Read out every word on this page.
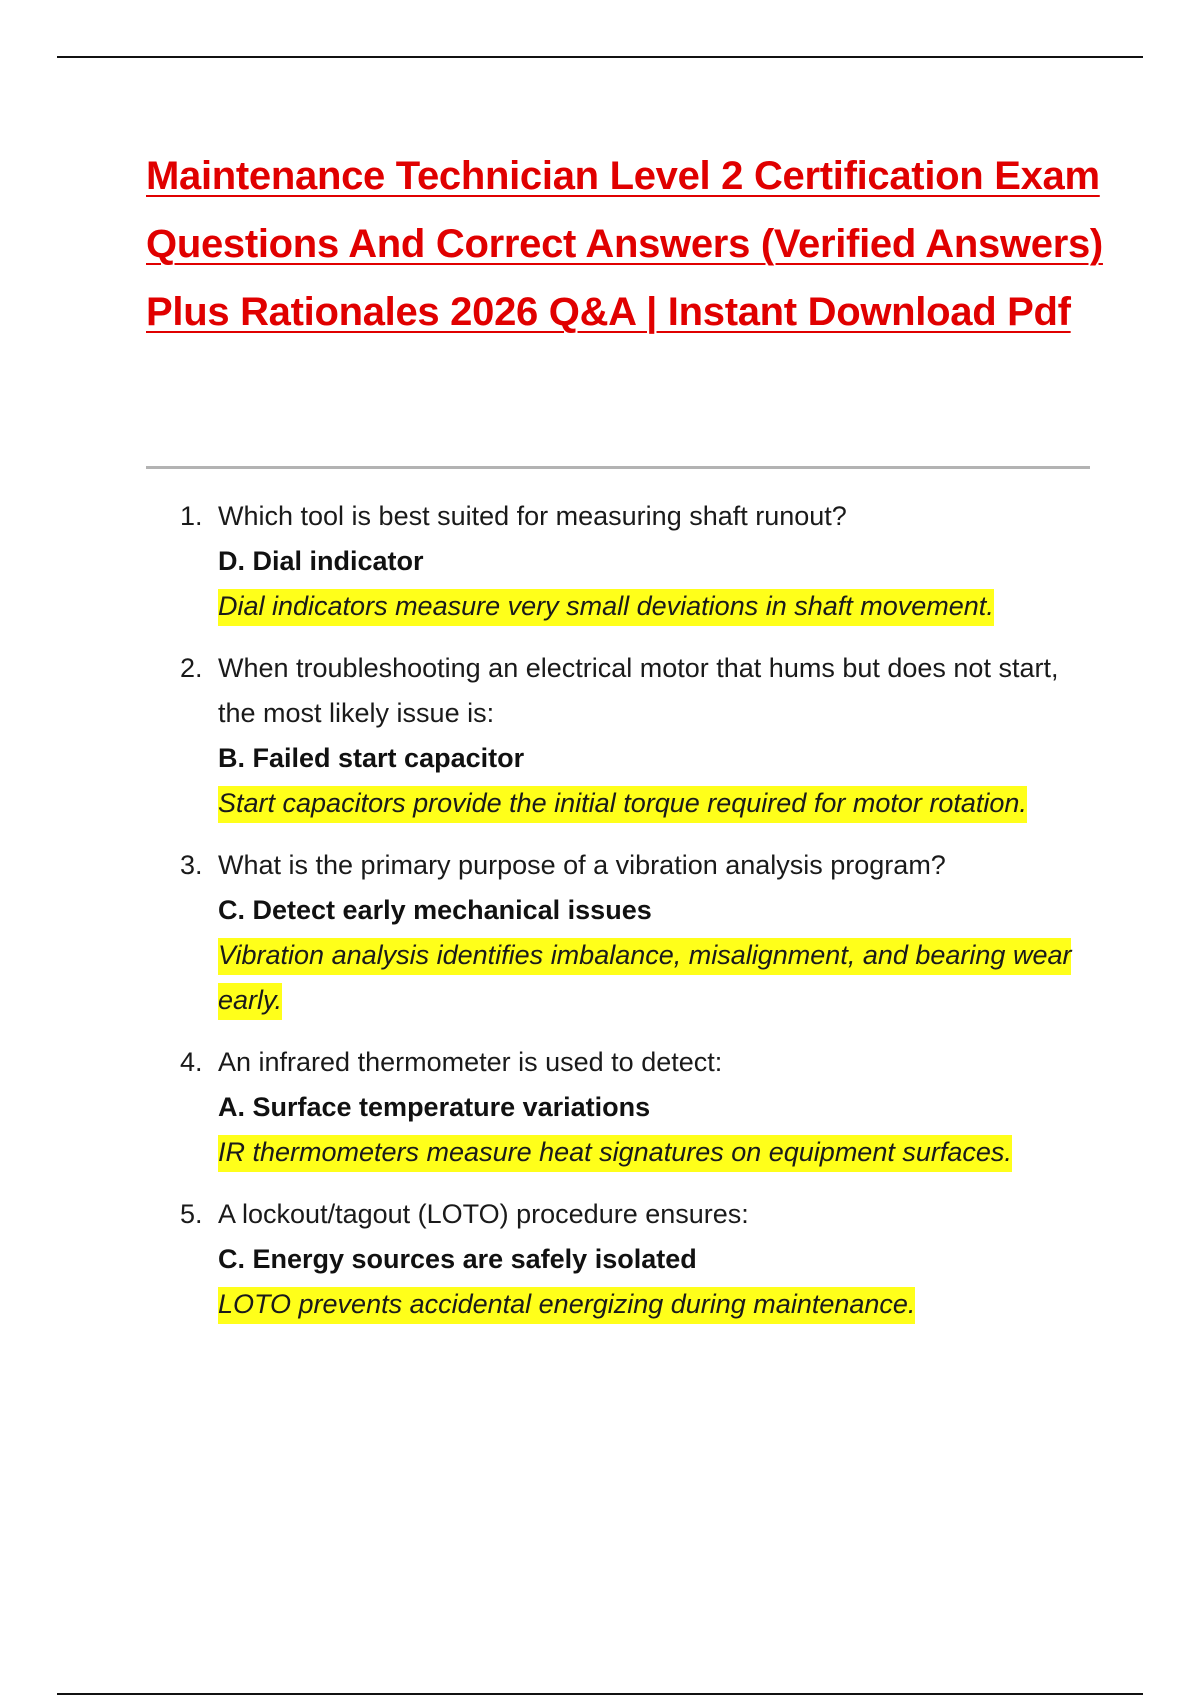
Maintenance Technician Level 2 Certification Exam Questions And Correct Answers (Verified Answers) Plus Rationales 2026 Q&A | Instant Download Pdf
1. Which tool is best suited for measuring shaft runout?
D. Dial indicator
Dial indicators measure very small deviations in shaft movement.
2. When troubleshooting an electrical motor that hums but does not start, the most likely issue is:
B. Failed start capacitor
Start capacitors provide the initial torque required for motor rotation.
3. What is the primary purpose of a vibration analysis program?
C. Detect early mechanical issues
Vibration analysis identifies imbalance, misalignment, and bearing wear early.
4. An infrared thermometer is used to detect:
A. Surface temperature variations
IR thermometers measure heat signatures on equipment surfaces.
5. A lockout/tagout (LOTO) procedure ensures:
C. Energy sources are safely isolated
LOTO prevents accidental energizing during maintenance.
